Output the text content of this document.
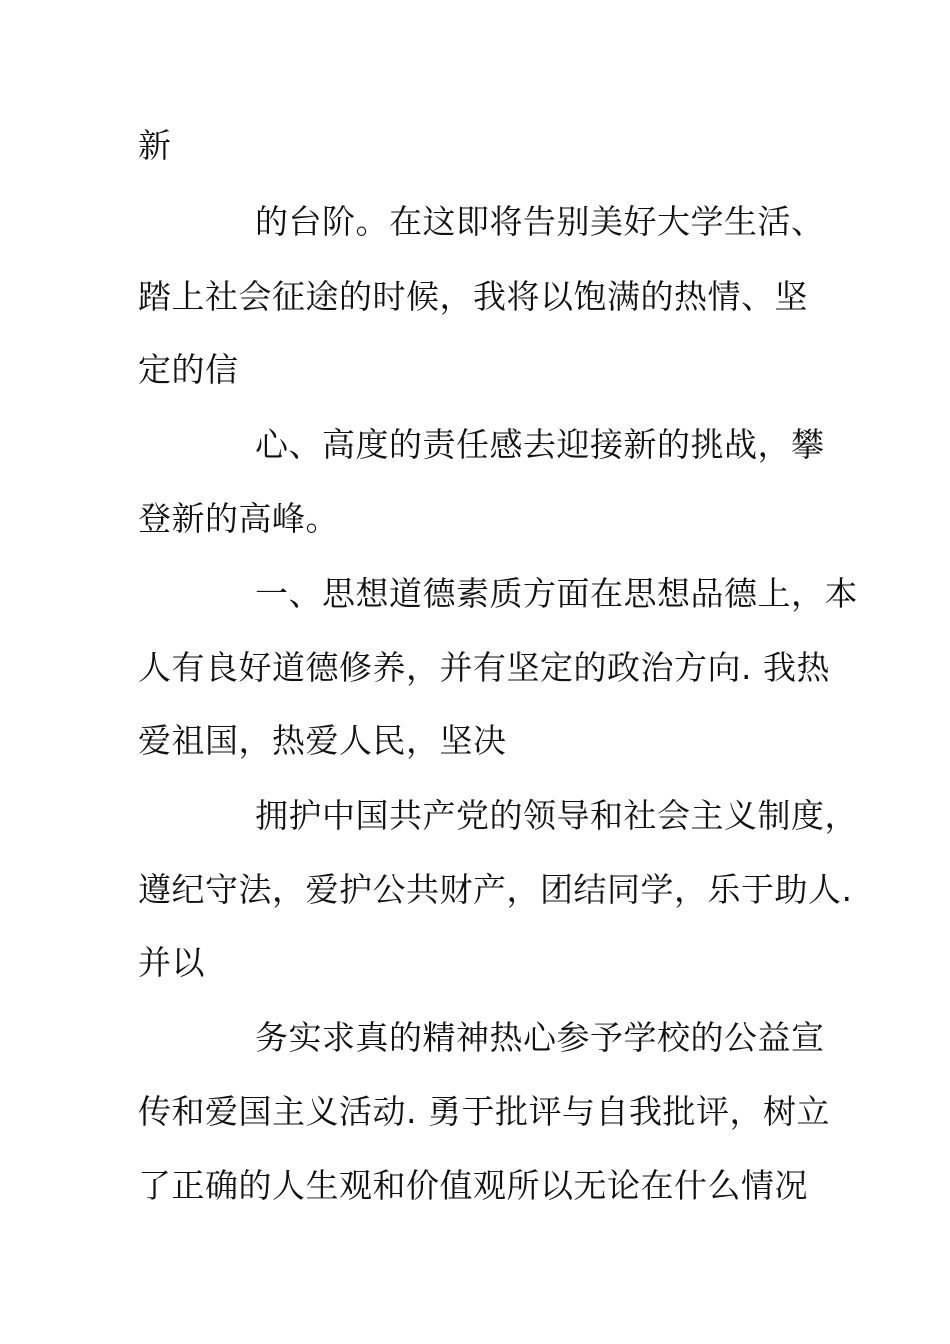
新
的台阶。在这即将告别美好大学生活、
踏上社会征途的时候，我将以饱满的热情、坚
定的信
心、高度的责任感去迎接新的挑战，攀
登新的高峰。
一、思想道德素质方面在思想品德上，本
人有良好道德修养，并有坚定的政治方向. 我热
爱祖国，热爱人民，坚决
拥护中国共产党的领导和社会主义制度，
遵纪守法，爱护公共财产，团结同学，乐于助人.
并以
务实求真的精神热心参予学校的公益宣
传和爱国主义活动. 勇于批评与自我批评，树立
了正确的人生观和价值观所以无论在什么情况
